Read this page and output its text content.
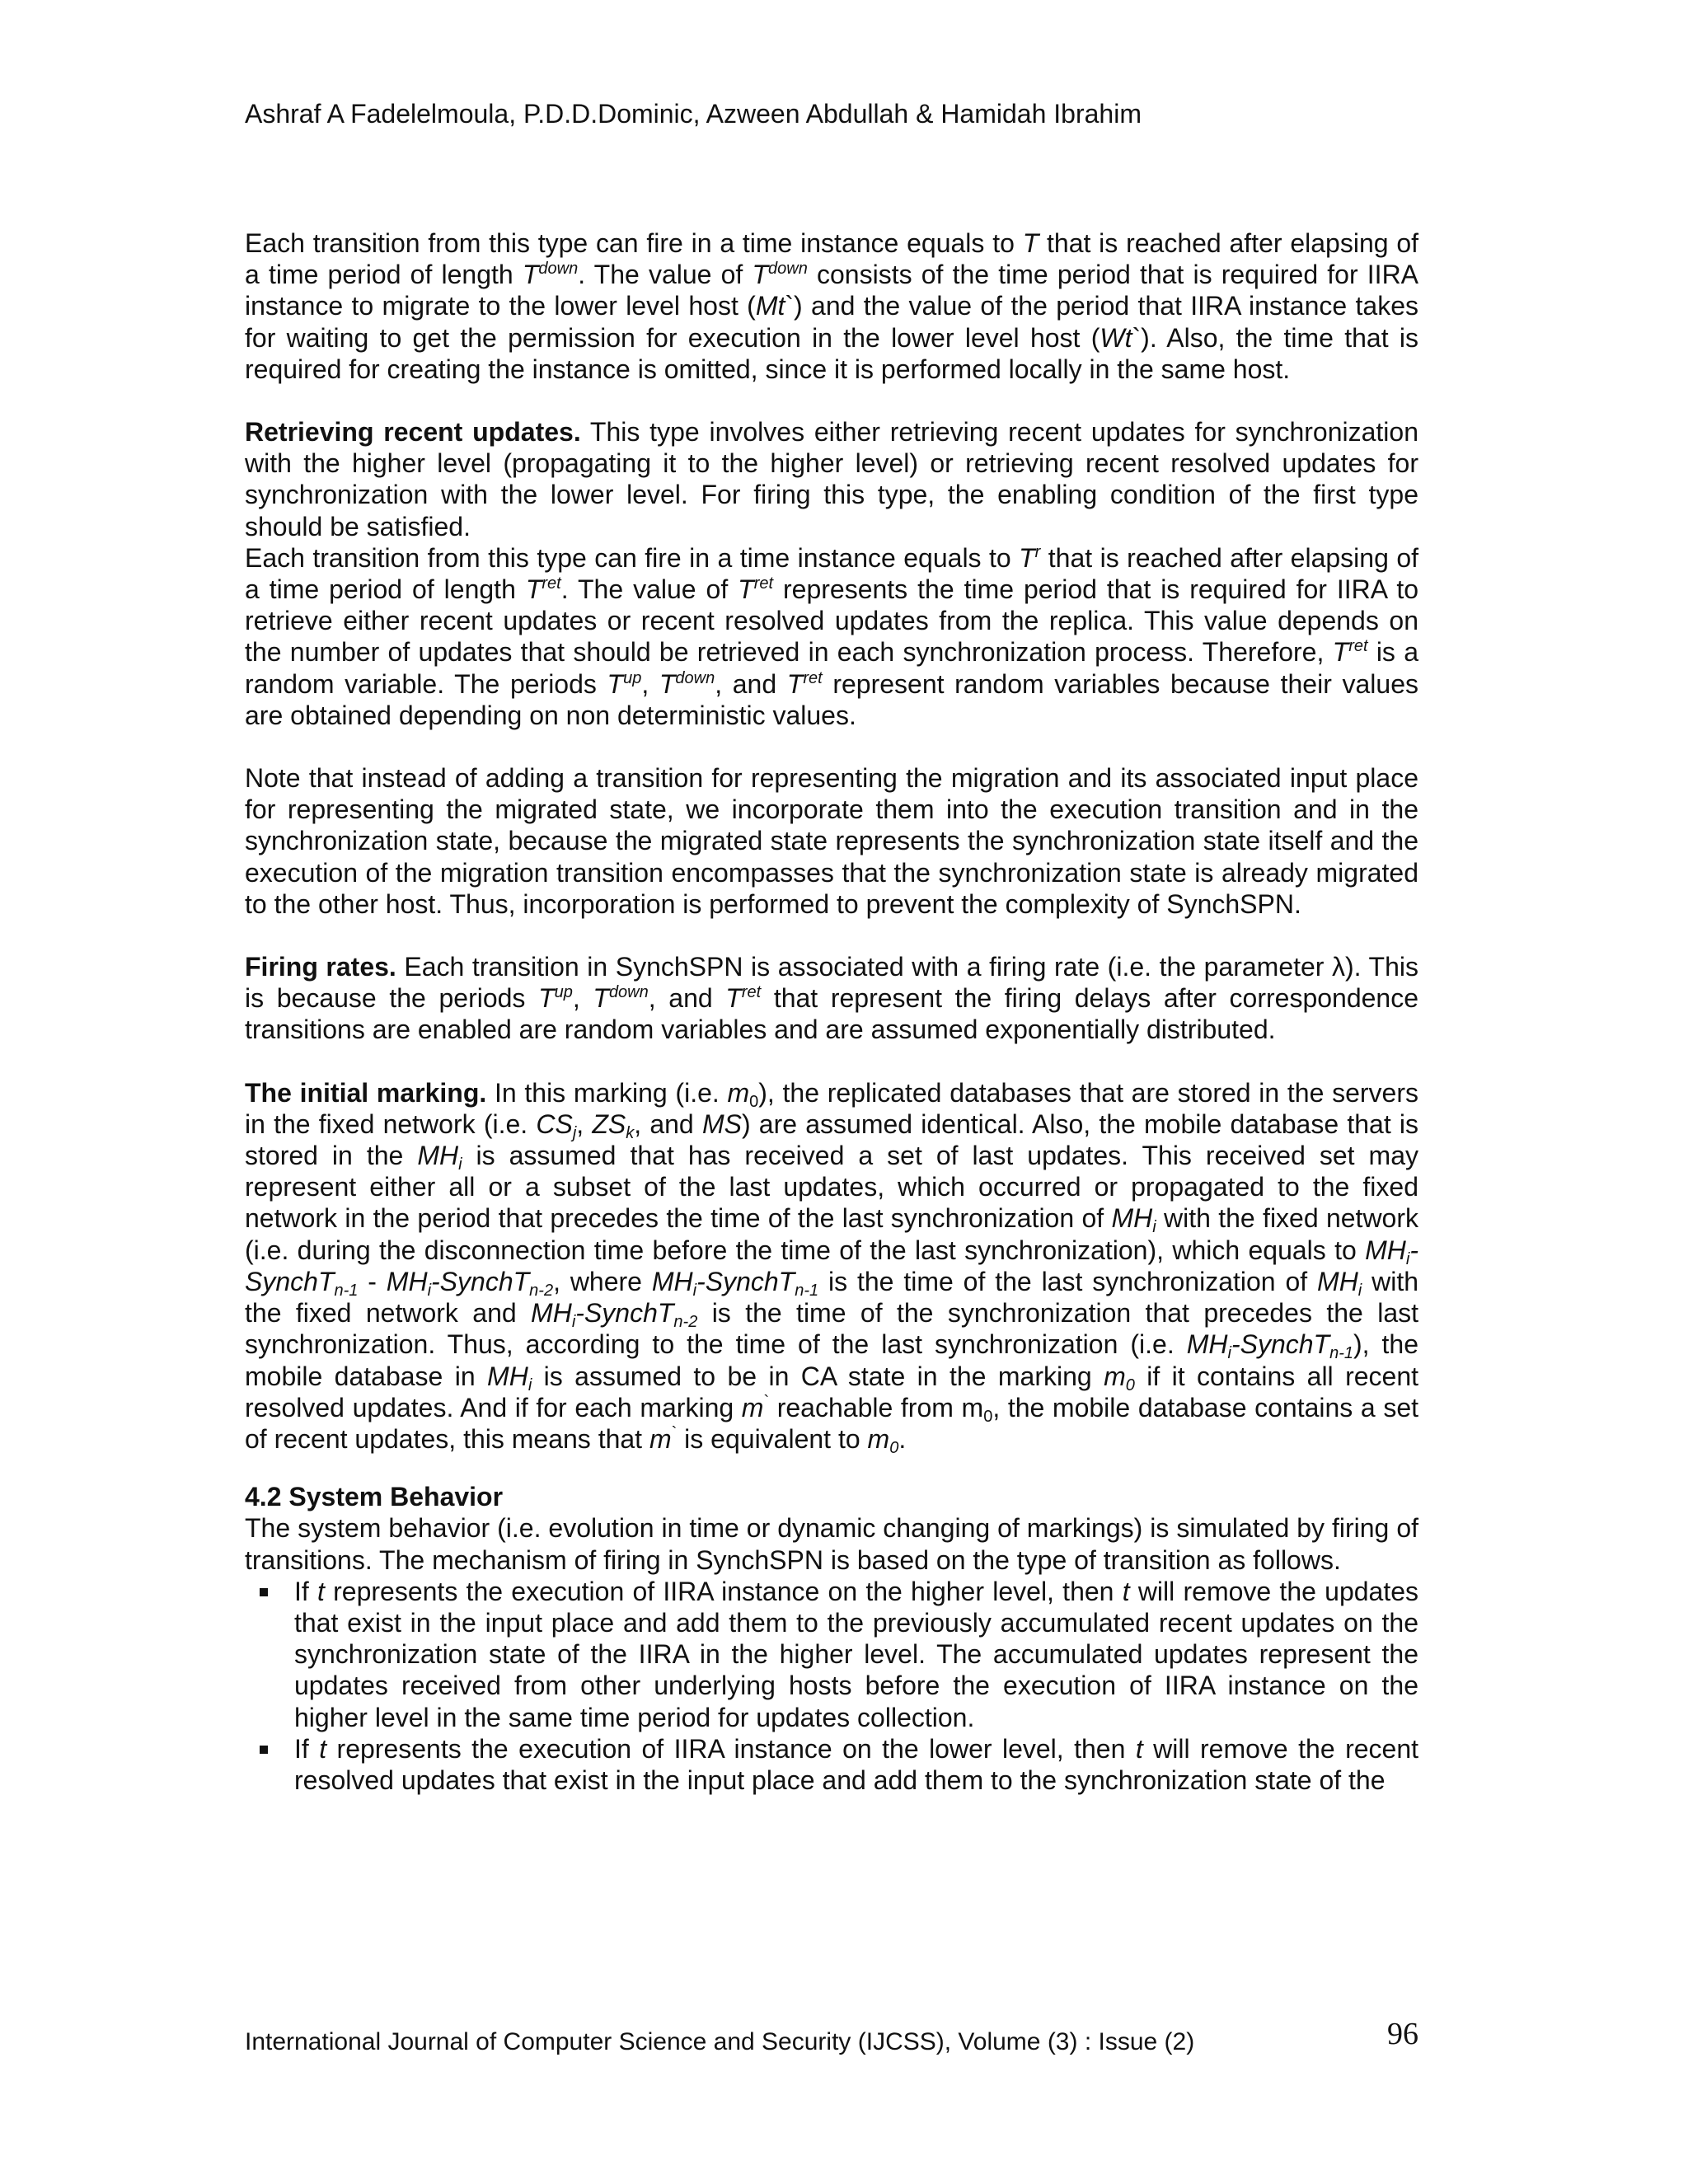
Ashraf A Fadelelmoula, P.D.D.Dominic, Azween Abdullah & Hamidah Ibrahim

Each transition from this type can fire in a time instance equals to T that is reached after elapsing of a time period of length $T^{down}$. The value of $T^{down}$ consists of the time period that is required for IIRA instance to migrate to the lower level host (Mt`) and the value of the period that IIRA instance takes for waiting to get the permission for execution in the lower level host (Wt`). Also, the time that is required for creating the instance is omitted, since it is performed locally in the same host.

Retrieving recent updates. This type involves either retrieving recent updates for synchronization with the higher level (propagating it to the higher level) or retrieving recent resolved updates for synchronization with the lower level. For firing this type, the enabling condition of the first type should be satisfied.

Each transition from this type can fire in a time instance equals to $T^r$ that is reached after elapsing of a time period of length $T^{ret}$. The value of $T^{ret}$ represents the time period that is required for IIRA to retrieve either recent updates or recent resolved updates from the replica. This value depends on the number of updates that should be retrieved in each synchronization process. Therefore, $T^{ret}$ is a random variable. The periods $T^{up}$, $T^{down}$, and $T^{ret}$ represent random variables because their values are obtained depending on non deterministic values.

Note that instead of adding a transition for representing the migration and its associated input place for representing the migrated state, we incorporate them into the execution transition and in the synchronization state, because the migrated state represents the synchronization state itself and the execution of the migration transition encompasses that the synchronization state is already migrated to the other host. Thus, incorporation is performed to prevent the complexity of SynchSPN.

Firing rates. Each transition in SynchSPN is associated with a firing rate (i.e. the parameter λ). This is because the periods $T^{up}$, $T^{down}$, and $T^{ret}$ that represent the firing delays after correspondence transitions are enabled are random variables and are assumed exponentially distributed.

The initial marking. In this marking (i.e. $m_0$), the replicated databases that are stored in the servers in the fixed network (i.e. $CS_j$, $ZS_k$, and MS) are assumed identical. Also, the mobile database that is stored in the $MH_i$ is assumed that has received a set of last updates. This received set may represent either all or a subset of the last updates, which occurred or propagated to the fixed network in the period that precedes the time of the last synchronization of $MH_i$ with the fixed network (i.e. during the disconnection time before the time of the last synchronization), which equals to $MH_i-SynchT_{n-1}$ - $MH_i-SynchT_{n-2}$, where $MH_i-SynchT_{n-1}$ is the time of the last synchronization of $MH_i$ with the fixed network and $MH_i-SynchT_{n-2}$ is the time of the synchronization that precedes the last synchronization. Thus, according to the time of the last synchronization (i.e. $MH_i-SynchT_{n-1}$), the mobile database in $MH_i$ is assumed to be in CA state in the marking $m_0$ if it contains all recent resolved updates. And if for each marking m` reachable from $m_0$, the mobile database contains a set of recent updates, this means that m` is equivalent to $m_0$.

4.2 System Behavior

The system behavior (i.e. evolution in time or dynamic changing of markings) is simulated by firing of transitions. The mechanism of firing in SynchSPN is based on the type of transition as follows.

If t represents the execution of IIRA instance on the higher level, then t will remove the updates that exist in the input place and add them to the previously accumulated recent updates on the synchronization state of the IIRA in the higher level. The accumulated updates represent the updates received from other underlying hosts before the execution of IIRA instance on the higher level in the same time period for updates collection.
If t represents the execution of IIRA instance on the lower level, then t will remove the recent resolved updates that exist in the input place and add them to the synchronization state of the
International Journal of Computer Science and Security (IJCSS), Volume (3) : Issue (2)	96
